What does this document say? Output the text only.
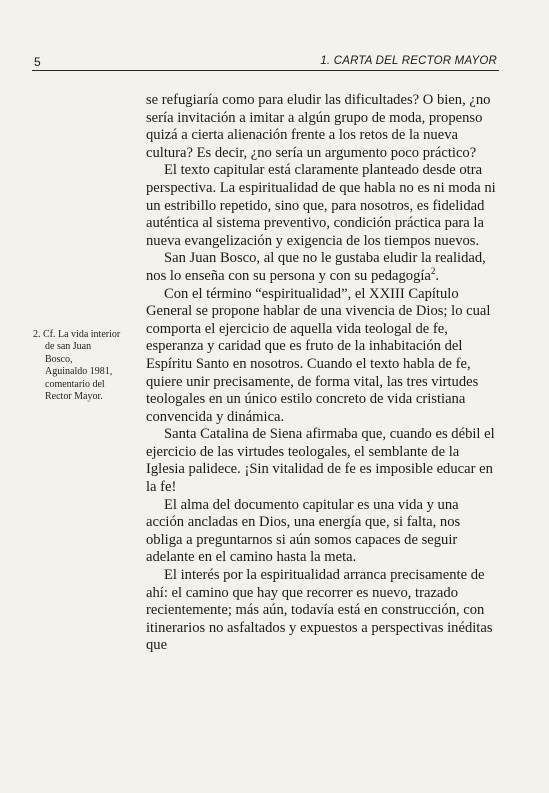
5	1. CARTA DEL RECTOR MAYOR

2. Cf. La vida interior

de san Juan Bosco,

Aguinaldo 1981,

comentario del

Rector Mayor.

se refugiaría como para eludir las dificultades? O bien, ¿no sería invitación a imitar a algún grupo de moda, propenso quizá a cierta alienación frente a los retos de la nueva cultura? Es decir, ¿no sería un argumento poco práctico?

El texto capitular está claramente planteado desde otra perspectiva. La espiritualidad de que habla no es ni moda ni un estribillo repetido, sino que, para nosotros, es fidelidad auténtica al sistema preventivo, condición práctica para la nueva evangelización y exigencia de los tiempos nuevos.

San Juan Bosco, al que no le gustaba eludir la realidad, nos lo enseña con su persona y con su pedagogía$^2$.

Con el término “espiritualidad”, el XXIII Capítulo General se propone hablar de una vivencia de Dios; lo cual comporta el ejercicio de aquella vida teologal de fe, esperanza y caridad que es fruto de la inhabitación del Espíritu Santo en nosotros. Cuando el texto habla de fe, quiere unir precisamente, de forma vital, las tres virtudes teologales en un único estilo concreto de vida cristiana convencida y dinámica.

Santa Catalina de Siena afirmaba que, cuando es débil el ejercicio de las virtudes teologales, el semblante de la Iglesia palidece. ¡Sin vitalidad de fe es imposible educar en la fe!

El alma del documento capitular es una vida y una acción ancladas en Dios, una energía que, si falta, nos obliga a preguntarnos si aún somos capaces de seguir adelante en el camino hasta la meta.

El interés por la espiritualidad arranca precisamente de ahí: el camino que hay que recorrer es nuevo, trazado recientemente; más aún, todavía está en construcción, con itinerarios no asfaltados y expuestos a perspectivas inéditas que
